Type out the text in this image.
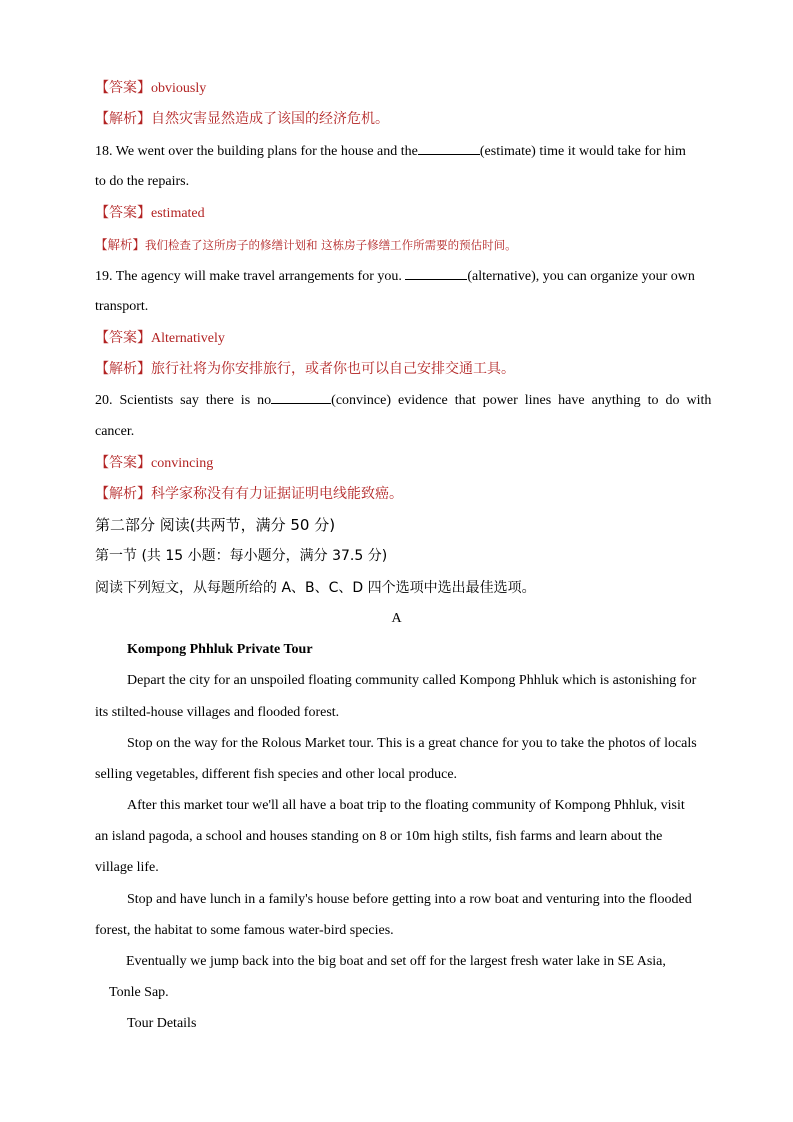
【答案】obviously
【解析】自然灾害显然造成了该国的经济危机。
18. We went over the building plans for the house and the	(estimate) time it would take for him
to do the repairs.
【答案】estimated
【解析】我们检查了这所房子的修缮计划和 这栋房子修缮工作所需要的预估时间。
19. The agency will make travel arrangements for you.	(alternative), you can organize your own
transport.
【答案】Alternatively
【解析】旅行社将为你安排旅行，或者你也可以自己安排交通工具。
20.  Scientists  say  there  is  no	(convince)  evidence  that  power  lines  have  anything  to  do  with
cancer.
【答案】convincing
【解析】科学家称没有有力证据证明电线能致癌。
第二部分 阅读(共两节，满分 50 分)
第一节 (共 15 小题：每小题分，满分 37.5 分)
阅读下列短文，从每题所给的 A、B、C、D 四个选项中选出最佳选项。
A
Kompong Phhluk Private Tour
Depart the city for an unspoiled floating community called Kompong Phhluk which is astonishing for
its stilted-house villages and flooded forest.
Stop on the way for the Rolous Market tour. This is a great chance for you to take the photos of locals
selling vegetables, different fish species and other local produce.
After this market tour we'll all have a boat trip to the floating community of Kompong Phhluk, visit
an island pagoda, a school and houses standing on 8 or 10m high stilts, fish farms and learn about the
village life.
Stop and have lunch in a family's house before getting into a row boat and venturing into the flooded
forest, the habitat to some famous water-bird species.
Eventually we jump back into the big boat and set off for the largest fresh water lake in SE Asia,
Tonle Sap.
Tour Details
